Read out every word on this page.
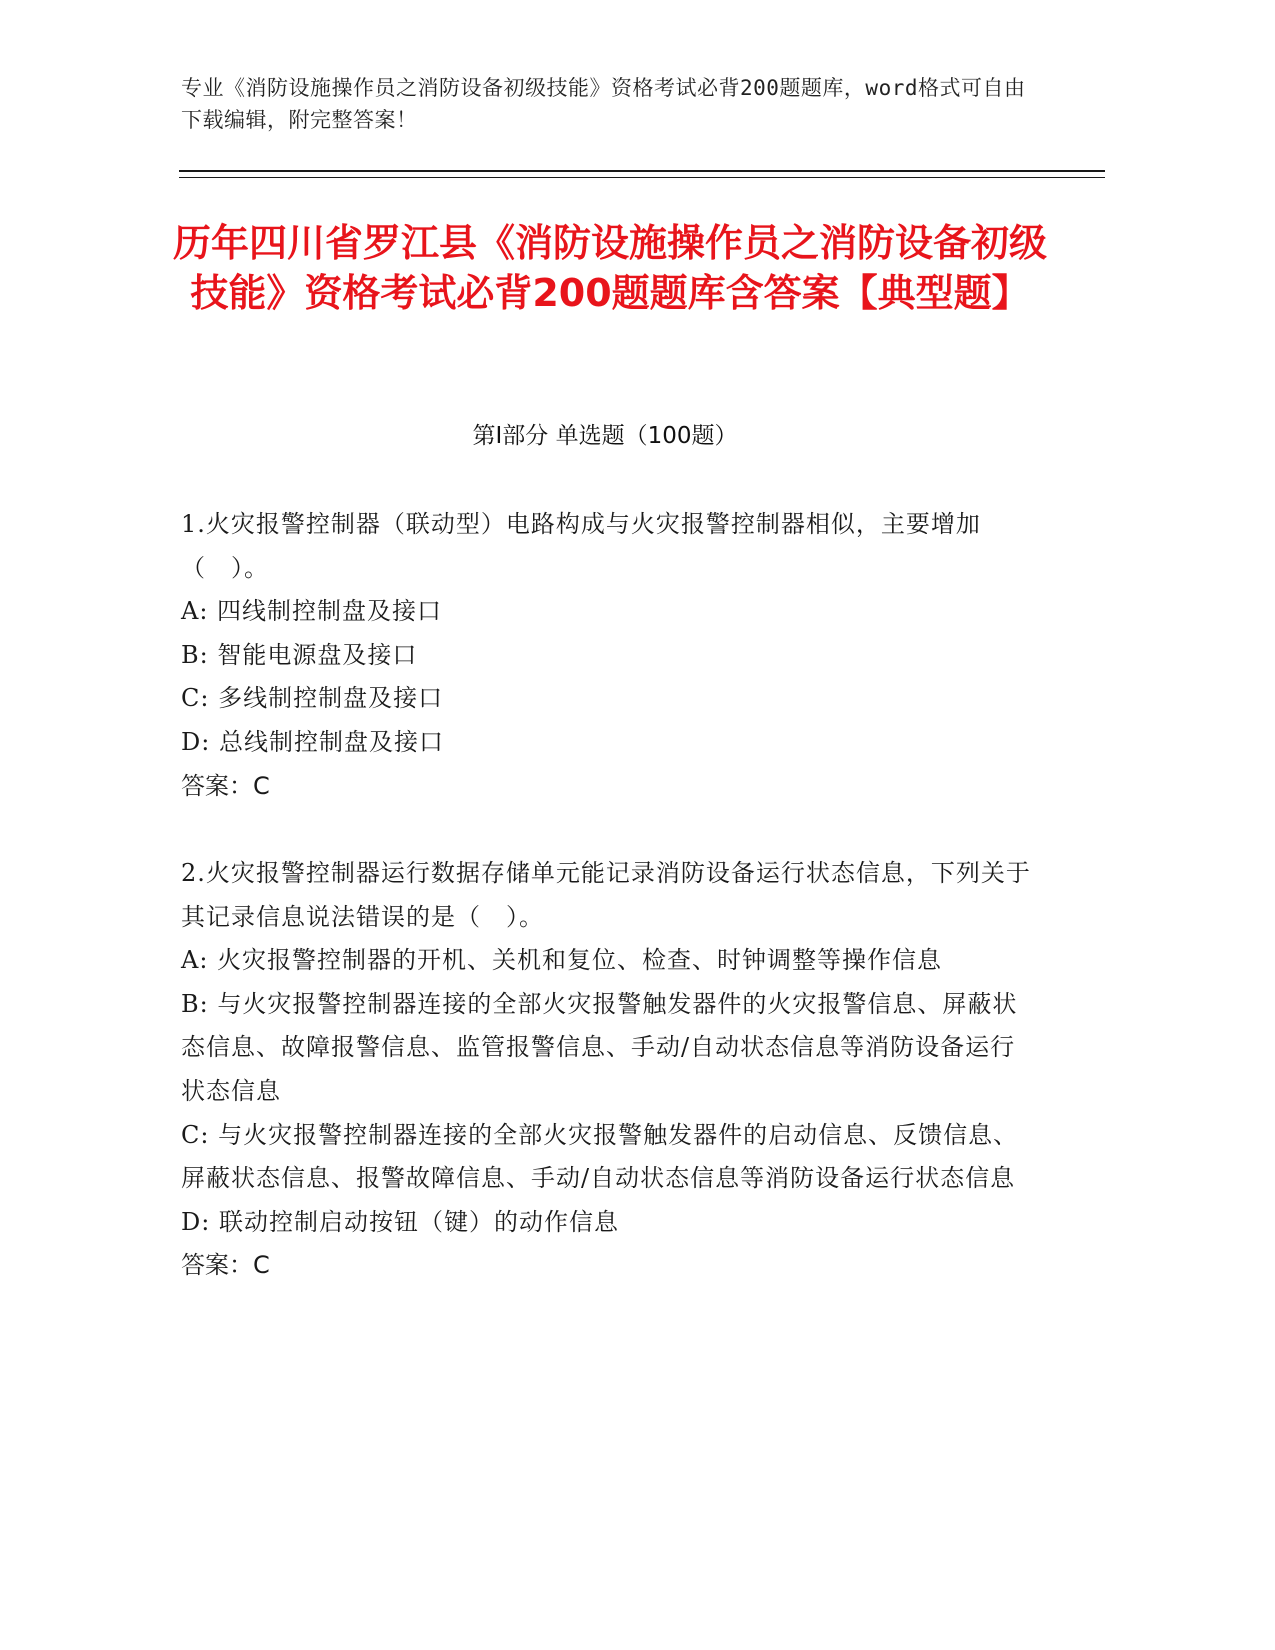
专业《消防设施操作员之消防设备初级技能》资格考试必背200题题库，word格式可自由下载编辑，附完整答案！
历年四川省罗江县《消防设施操作员之消防设备初级技能》资格考试必背200题题库含答案【典型题】
第I部分 单选题（100题）
1.火灾报警控制器（联动型）电路构成与火灾报警控制器相似，主要增加（　）。
A: 四线制控制盘及接口
B: 智能电源盘及接口
C: 多线制控制盘及接口
D: 总线制控制盘及接口
答案：C
2.火灾报警控制器运行数据存储单元能记录消防设备运行状态信息，下列关于其记录信息说法错误的是（　）。
A: 火灾报警控制器的开机、关机和复位、检查、时钟调整等操作信息
B: 与火灾报警控制器连接的全部火灾报警触发器件的火灾报警信息、屏蔽状态信息、故障报警信息、监管报警信息、手动/自动状态信息等消防设备运行状态信息
C: 与火灾报警控制器连接的全部火灾报警触发器件的启动信息、反馈信息、屏蔽状态信息、报警故障信息、手动/自动状态信息等消防设备运行状态信息
D: 联动控制启动按钮（键）的动作信息
答案：C
